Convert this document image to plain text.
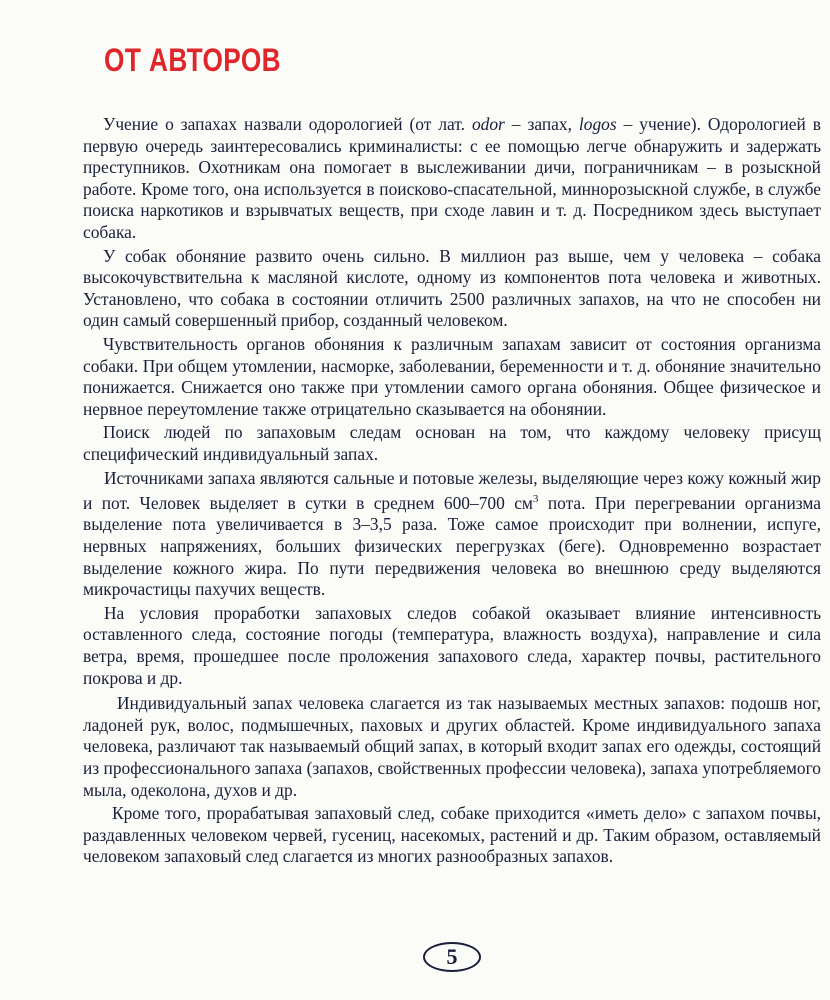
ОТ АВТОРОВ

Учение о запахах назвали одорологией (от лат. odor – запах, logos – учение). Одорологией в первую очередь заинтересовались криминалисты: с ее помощью легче обнаружить и задержать преступников. Охотникам она помогает в выслеживании дичи, пограничникам – в розыскной работе. Кроме того, она используется в поисково-спасательной, миннорозыскной службе, в службе поиска наркотиков и взрывчатых веществ, при сходе лавин и т. д. Посредником здесь выступает собака.

У собак обоняние развито очень сильно. В миллион раз выше, чем у человека – собака высокочувствительна к масляной кислоте, одному из компонентов пота человека и животных. Установлено, что собака в состоянии отличить 2500 различных запахов, на что не способен ни один самый совершенный прибор, созданный человеком.

Чувствительность органов обоняния к различным запахам зависит от состояния организма собаки. При общем утомлении, насморке, заболевании, беременности и т. д. обоняние значительно понижается. Снижается оно также при утомлении самого органа обоняния. Общее физическое и нервное переутомление также отрицательно сказывается на обонянии.

Поиск людей по запаховым следам основан на том, что каждому человеку присущ специфический индивидуальный запах.

Источниками запаха являются сальные и потовые железы, выделяющие через кожу кожный жир и пот. Человек выделяет в сутки в среднем 600–700 $см^3$ пота. При перегревании организма выделение пота увеличивается в 3–3,5 раза. Тоже самое происходит при волнении, испуге, нервных напряжениях, больших физических перегрузках (беге). Одновременно возрастает выделение кожного жира. По пути передвижения человека во внешнюю среду выделяются микрочастицы пахучих веществ.

На условия проработки запаховых следов собакой оказывает влияние интенсивность оставленного следа, состояние погоды (температура, влажность воздуха), направление и сила ветра, время, прошедшее после проложения запахового следа, характер почвы, растительного покрова и др.

Индивидуальный запах человека слагается из так называемых местных запахов: подошв ног, ладоней рук, волос, подмышечных, паховых и других областей. Кроме индивидуального запаха человека, различают так называемый общий запах, в который входит запах его одежды, состоящий из профессионального запаха (запахов, свойственных профессии человека), запаха употребляемого мыла, одеколона, духов и др.

Кроме того, прорабатывая запаховый след, собаке приходится «иметь дело» с запахом почвы, раздавленных человеком червей, гусениц, насекомых, растений и др. Таким образом, оставляемый человеком запаховый след слагается из многих разнообразных запахов.

5
